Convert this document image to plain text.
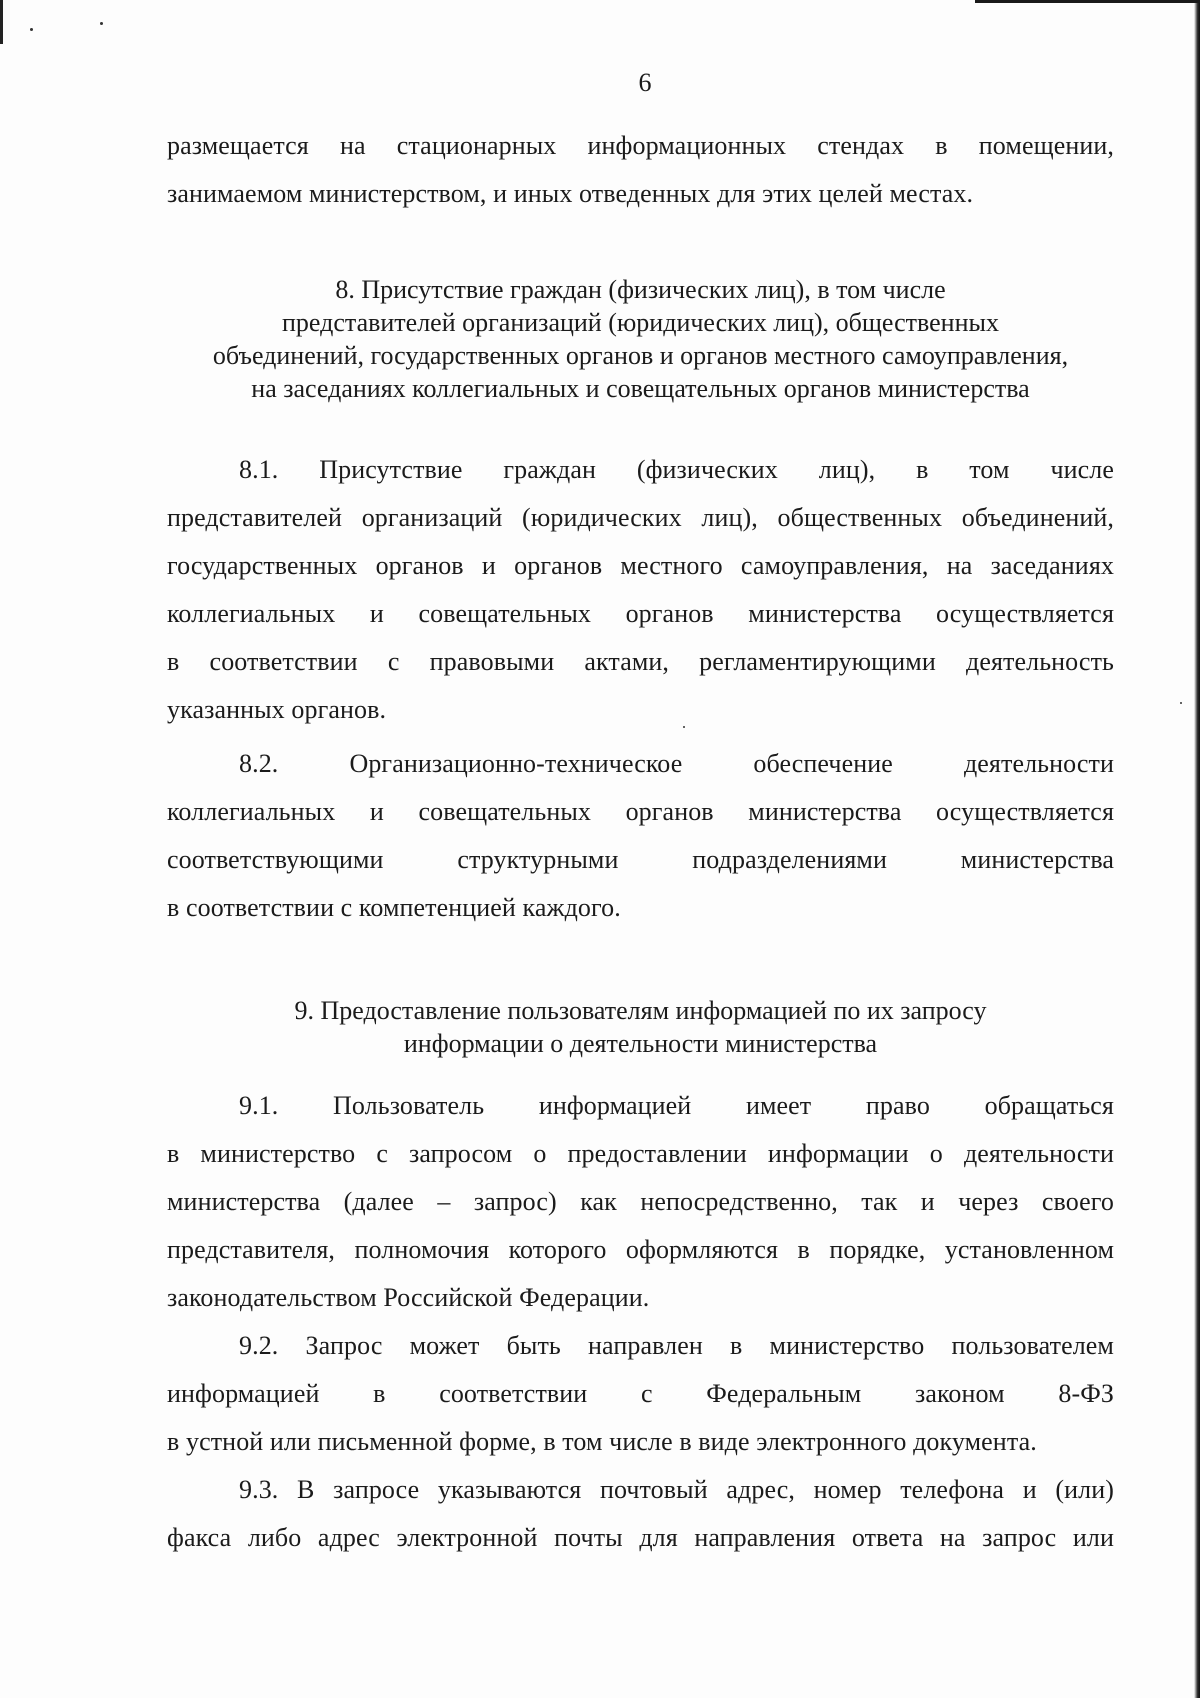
6
размещается на стационарных информационных стендах в помещении,
занимаемом министерством, и иных отведенных для этих целей местах.
8. Присутствие граждан (физических лиц), в том числе
представителей организаций (юридических лиц), общественных
объединений, государственных органов и органов местного самоуправления,
на заседаниях коллегиальных и совещательных органов министерства
8.1. Присутствие граждан (физических лиц), в том числе
представителей организаций (юридических лиц), общественных объединений,
государственных органов и органов местного самоуправления, на заседаниях
коллегиальных и совещательных органов министерства осуществляется
в соответствии с правовыми актами, регламентирующими деятельность
указанных органов.
8.2. Организационно-техническое обеспечение деятельности
коллегиальных и совещательных органов министерства осуществляется
соответствующими структурными подразделениями министерства
в соответствии с компетенцией каждого.
9. Предоставление пользователям информацией по их запросу
информации о деятельности министерства
9.1. Пользователь информацией имеет право обращаться
в министерство с запросом о предоставлении информации о деятельности
министерства (далее – запрос) как непосредственно, так и через своего
представителя, полномочия которого оформляются в порядке, установленном
законодательством Российской Федерации.
9.2. Запрос может быть направлен в министерство пользователем
информацией в соответствии с Федеральным законом 8-ФЗ
в устной или письменной форме, в том числе в виде электронного документа.
9.3. В запросе указываются почтовый адрес, номер телефона и (или)
факса либо адрес электронной почты для направления ответа на запрос или
